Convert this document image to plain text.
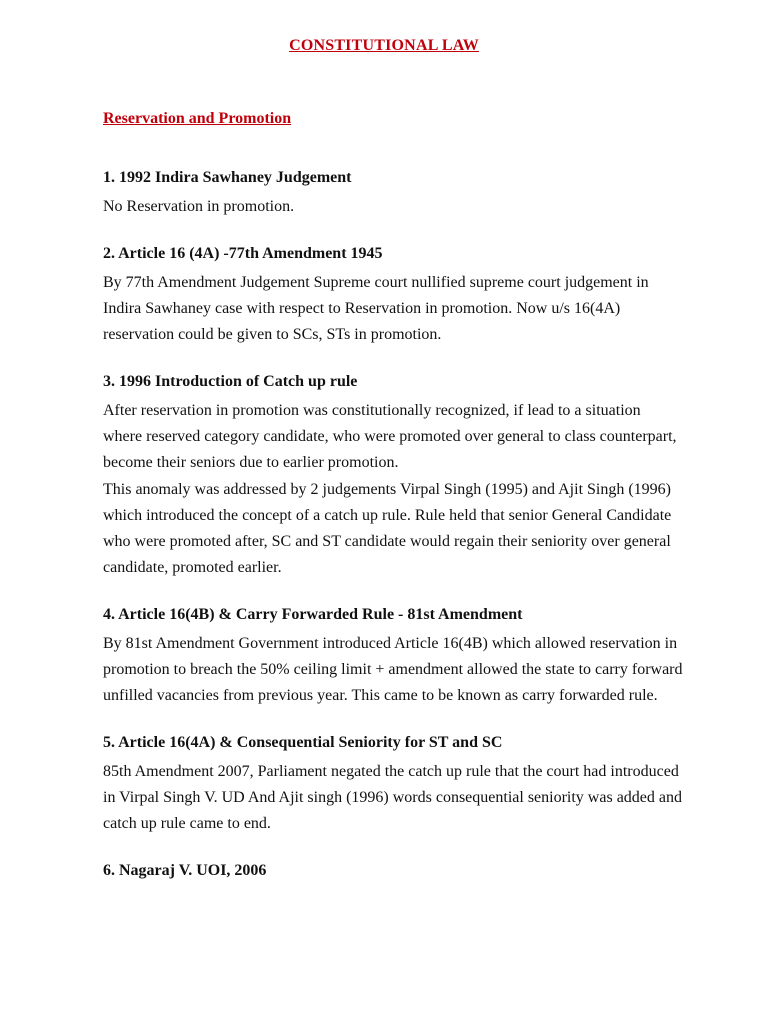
CONSTITUTIONAL LAW
Reservation and Promotion
1. 1992 Indira Sawhaney Judgement

No Reservation in promotion.

2. Article 16 (4A) -77th Amendment 1945

By 77th Amendment Judgement Supreme court nullified supreme court judgement in Indira Sawhaney case with respect to Reservation in promotion. Now u/s 16(4A) reservation could be given to SCs, STs in promotion.

3. 1996 Introduction of Catch up rule

After reservation in promotion was constitutionally recognized, if lead to a situation where reserved category candidate, who were promoted over general to class counterpart, become their seniors due to earlier promotion.

This anomaly was addressed by 2 judgements Virpal Singh (1995) and Ajit Singh (1996) which introduced the concept of a catch up rule. Rule held that senior General Candidate who were promoted after, SC and ST candidate would regain their seniority over general candidate, promoted earlier.

4. Article 16(4B) & Carry Forwarded Rule - 81st Amendment

By 81st Amendment Government introduced Article 16(4B) which allowed reservation in promotion to breach the 50% ceiling limit + amendment allowed the state to carry forward unfilled vacancies from previous year. This came to be known as carry forwarded rule.

5. Article 16(4A) & Consequential Seniority for ST and SC

85th Amendment 2007, Parliament negated the catch up rule that the court had introduced in Virpal Singh V. UD And Ajit singh (1996) words consequential seniority was added and catch up rule came to end.

6. Nagaraj V. UOI, 2006
